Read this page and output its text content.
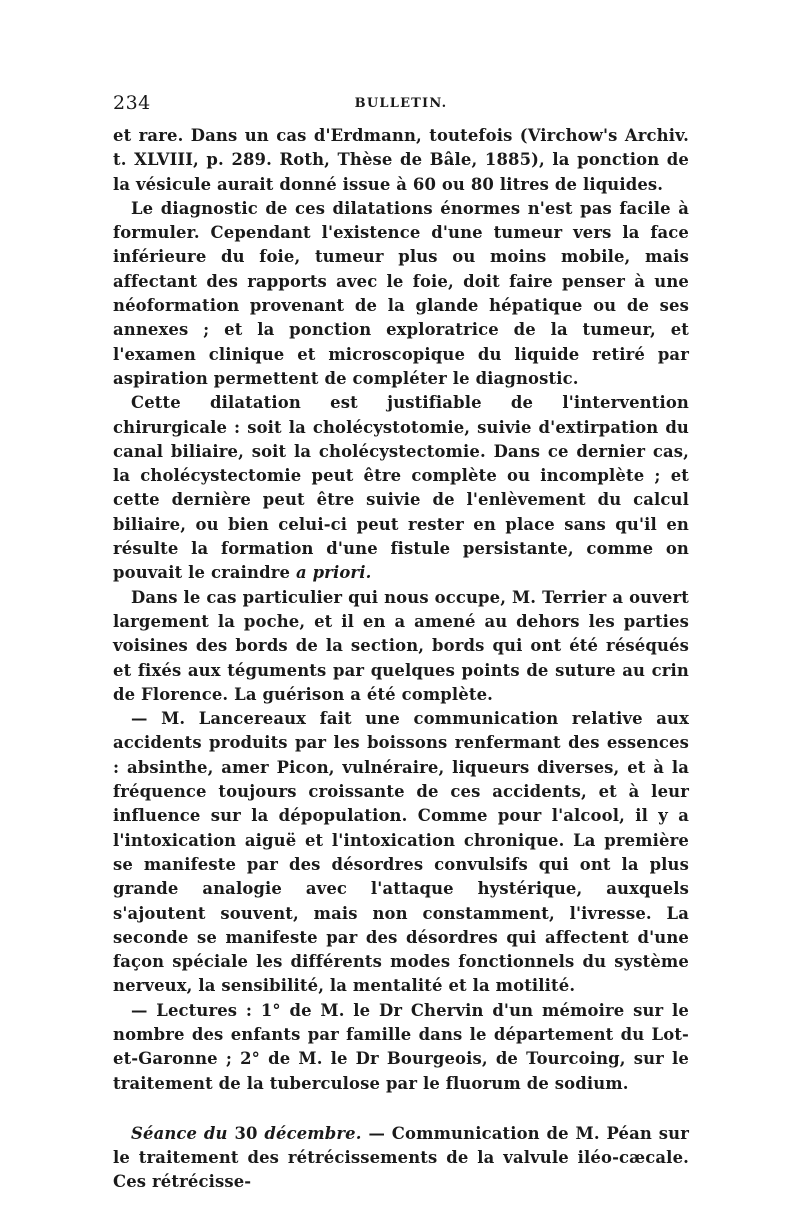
234	BULLETIN.

et rare. Dans un cas d'Erdmann, toutefois (Virchow's Archiv. t. XLVIII, p. 289. Roth, Thèse de Bâle, 1885), la ponction de la vésicule aurait donné issue à 60 ou 80 litres de liquides.

Le diagnostic de ces dilatations énormes n'est pas facile à formuler. Cependant l'existence d'une tumeur vers la face inférieure du foie, tumeur plus ou moins mobile, mais affectant des rapports avec le foie, doit faire penser à une néoformation provenant de la glande hépatique ou de ses annexes ; et la ponction exploratrice de la tumeur, et l'examen clinique et microscopique du liquide retiré par aspiration permettent de compléter le diagnostic.

Cette dilatation est justifiable de l'intervention chirurgicale : soit la cholécystotomie, suivie d'extirpation du canal biliaire, soit la cholécystectomie. Dans ce dernier cas, la cholécystectomie peut être complète ou incomplète ; et cette dernière peut être suivie de l'enlèvement du calcul biliaire, ou bien celui-ci peut rester en place sans qu'il en résulte la formation d'une fistule persistante, comme on pouvait le craindre a priori.

Dans le cas particulier qui nous occupe, M. Terrier a ouvert largement la poche, et il en a amené au dehors les parties voisines des bords de la section, bords qui ont été réséqués et fixés aux téguments par quelques points de suture au crin de Florence. La guérison a été complète.

— M. Lancereaux fait une communication relative aux accidents produits par les boissons renfermant des essences : absinthe, amer Picon, vulnéraire, liqueurs diverses, et à la fréquence toujours croissante de ces accidents, et à leur influence sur la dépopulation. Comme pour l'alcool, il y a l'intoxication aiguë et l'intoxication chronique. La première se manifeste par des désordres convulsifs qui ont la plus grande analogie avec l'attaque hystérique, auxquels s'ajoutent souvent, mais non constamment, l'ivresse. La seconde se manifeste par des désordres qui affectent d'une façon spéciale les différents modes fonctionnels du système nerveux, la sensibilité, la mentalité et la motilité.

— Lectures : 1° de M. le Dr Chervin d'un mémoire sur le nombre des enfants par famille dans le département du Lot-et-Garonne ; 2° de M. le Dr Bourgeois, de Tourcoing, sur le traitement de la tuberculose par le fluorum de sodium.

Séance du 30 décembre. — Communication de M. Péan sur le traitement des rétrécissements de la valvule iléo-cæcale. Ces rétrécisse-
